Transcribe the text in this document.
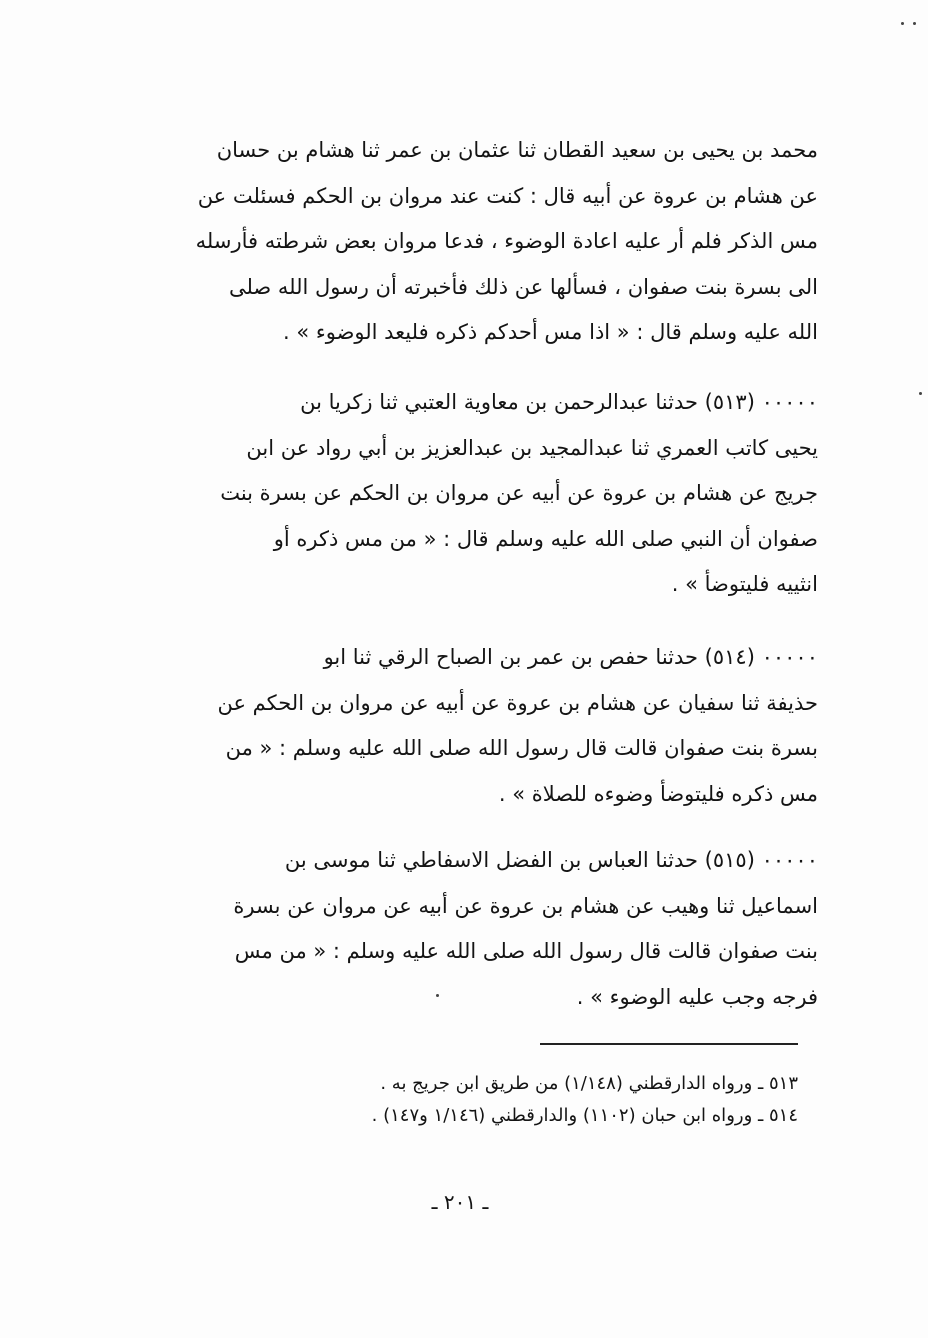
محمد بن يحيى بن سعيد القطان ثنا عثمان بن عمر ثنا هشام بن حسان
عن هشام بن عروة عن أبيه قال : كنت عند مروان بن الحكم فسئلت عن
مس الذكر فلم أر عليه اعادة الوضوء ، فدعا مروان بعض شرطته فأرسله
الى بسرة بنت صفوان ، فسألها عن ذلك فأخبرته أن رسول الله صلى
الله عليه وسلم قال : « اذا مس أحدكم ذكره فليعد الوضوء » .
٠٠٠٠٠ (٥١٣) حدثنا عبدالرحمن بن معاوية العتبي ثنا زكريا بن
يحيى كاتب العمري ثنا عبدالمجيد بن عبدالعزيز بن أبي رواد عن ابن
جريج عن هشام بن عروة عن أبيه عن مروان بن الحكم عن بسرة بنت
صفوان أن النبي صلى الله عليه وسلم قال : « من مس ذكره أو
انثييه فليتوضأ » .
٠٠٠٠٠ (٥١٤) حدثنا حفص بن عمر بن الصباح الرقي ثنا ابو
حذيفة ثنا سفيان عن هشام بن عروة عن أبيه عن مروان بن الحكم عن
بسرة بنت صفوان قالت قال رسول الله صلى الله عليه وسلم : « من
مس ذكره فليتوضأ وضوءه للصلاة » .
٠٠٠٠٠ (٥١٥) حدثنا العباس بن الفضل الاسفاطي ثنا موسى بن
اسماعيل ثنا وهيب عن هشام بن عروة عن أبيه عن مروان عن بسرة
بنت صفوان قالت قال رسول الله صلى الله عليه وسلم : « من مس
فرجه وجب عليه الوضوء » .
٥١٣ ـ ورواه الدارقطني (١/١٤٨) من طريق ابن جريج به .
٥١٤ ـ ورواه ابن حبان (١١٠٢) والدارقطني (١/١٤٦ و١٤٧) .
ـ ٢٠١ ـ
